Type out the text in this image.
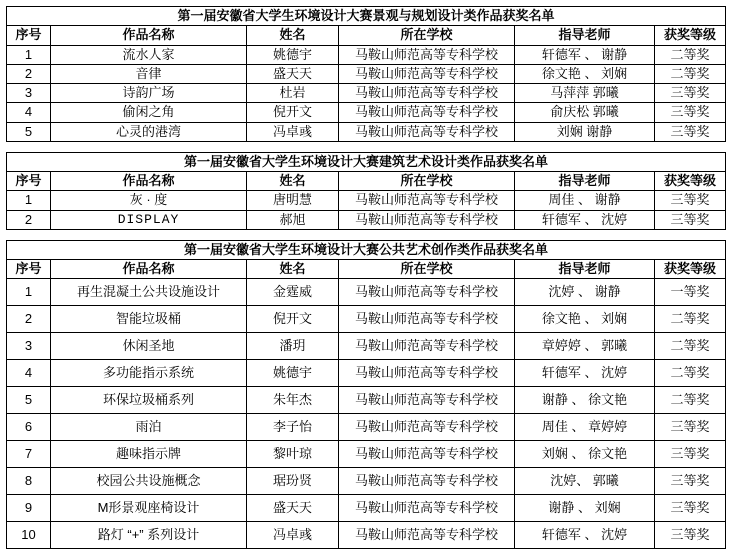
第一届安徽省大学生环境设计大赛景观与规划设计类作品获奖名单					
序号	作品名称	姓名	所在学校	指导老师	获奖等级
1	流水人家	姚德宇	马鞍山师范高等专科学校	轩德军 、 谢静	二等奖
2	音律	盛天天	马鞍山师范高等专科学校	徐文艳 、 刘娴	二等奖
3	诗韵广场	杜岩	马鞍山师范高等专科学校	马萍萍 郭曦	三等奖
4	偷闲之角	倪开文	马鞍山师范高等专科学校	俞庆松 郭曦	三等奖
5	心灵的港湾	冯卓彧	马鞍山师范高等专科学校	刘娴 谢静	三等奖
第一届安徽省大学生环境设计大赛建筑艺术设计类作品获奖名单					
序号	作品名称	姓名	所在学校	指导老师	获奖等级
1	灰 · 度	唐明慧	马鞍山师范高等专科学校	周佳 、 谢静	三等奖
2	DISPLAY	郝旭	马鞍山师范高等专科学校	轩德军 、 沈婷	三等奖
第一届安徽省大学生环境设计大赛公共艺术创作类作品获奖名单					
序号	作品名称	姓名	所在学校	指导老师	获奖等级
1	再生混凝土公共设施设计	金霆威	马鞍山师范高等专科学校	沈婷 、 谢静	一等奖
2	智能垃圾桶	倪开文	马鞍山师范高等专科学校	徐文艳 、 刘娴	二等奖
3	休闲圣地	潘玥	马鞍山师范高等专科学校	章婷婷 、 郭曦	二等奖
4	多功能指示系统	姚德宇	马鞍山师范高等专科学校	轩德军 、 沈婷	二等奖
5	环保垃圾桶系列	朱年杰	马鞍山师范高等专科学校	谢静 、 徐文艳	二等奖
6	雨泊	李子怡	马鞍山师范高等专科学校	周佳 、 章婷婷	三等奖
7	趣味指示牌	黎叶琼	马鞍山师范高等专科学校	刘娴 、 徐文艳	三等奖
8	校园公共设施概念	琚玢贤	马鞍山师范高等专科学校	沈婷、 郭曦	三等奖
9	M形景观座椅设计	盛天天	马鞍山师范高等专科学校	谢静 、 刘娴	三等奖
10	路灯 “+” 系列设计	冯卓彧	马鞍山师范高等专科学校	轩德军 、 沈婷	三等奖
